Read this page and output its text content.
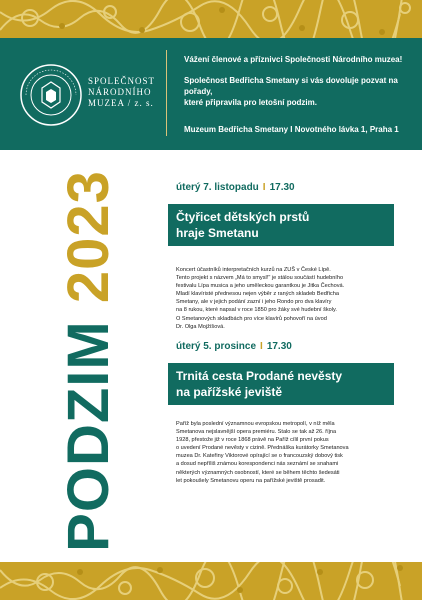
SPOLEČNOST
NÁRODNÍHO
MUZEA / z. s.
Vážení členové a příznivci Společnosti Národního muzea!
Společnost Bedřicha Smetany si vás dovoluje pozvat na pořady,
které připravila pro letošní podzim.
Muzeum Bedřicha Smetany I Novotného lávka 1, Praha 1
PODZIM 2023	úterý 7. listopadu I 17.30
Čtyřicet dětských prstů
hraje Smetanu
Koncert účastníků interpretačních kurzů na ZUŠ v České Lípě.
Tento projekt s názvem „Má to smysl!" je stálou součástí hudebního
festivalu Lípa musica a jeho uměleckou garantkou je Jitka Čechová.
Mladí klavíristé přednesou nejen výběr z raných skladeb Bedřicha
Smetany, ale v jejich podání zazní i jeho Rondo pro dva klavíry
na 8 rukou, které napsal v roce 1850 pro žáky své hudební školy.
O Smetanových skladbách pro více klavírů pohovoří na úvod
Dr. Olga Mojžíšová.
úterý 5. prosince I 17.30
Trnitá cesta Prodané nevěsty
na pařížské jeviště
Paříž byla poslední významnou evropskou metropolí, v níž měla
Smetanova nejslavnější opera premiéru. Stalo se tak až 26. října
1928, přestože již v roce 1868 právě na Paříž cílil první pokus
o uvedení Prodané nevěsty v cizině. Přednáška kurátorky Smetanova
muzea Dr. Kateřiny Viktorové opírající se o francouzský dobový tisk
a dosud nepříliš známou korespondenci nás seznámí se snahami
některých významných osobností, které se během těchto šedesáti
let pokoušely Smetanovu operu na pařížské jeviště prosadit.
